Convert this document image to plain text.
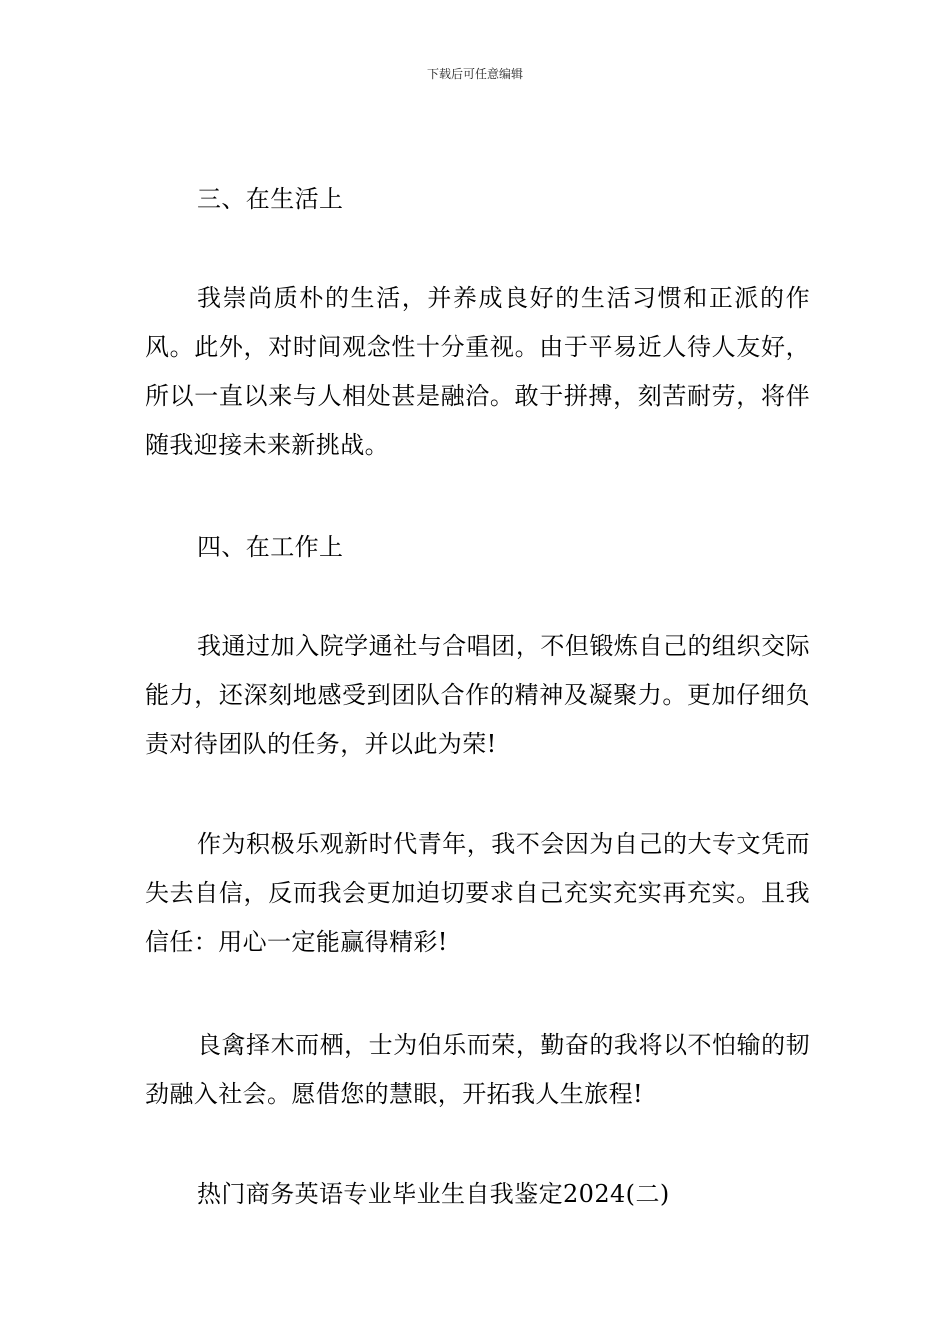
下载后可任意编辑

三、在生活上

我崇尚质朴的生活，并养成良好的生活习惯和正派的作风。此外，对时间观念性十分重视。由于平易近人待人友好，所以一直以来与人相处甚是融洽。敢于拼搏，刻苦耐劳，将伴随我迎接未来新挑战。

四、在工作上

我通过加入院学通社与合唱团，不但锻炼自己的组织交际能力，还深刻地感受到团队合作的精神及凝聚力。更加仔细负责对待团队的任务，并以此为荣!

作为积极乐观新时代青年，我不会因为自己的大专文凭而失去自信，反而我会更加迫切要求自己充实充实再充实。且我信任：用心一定能赢得精彩!

良禽择木而栖，士为伯乐而荣，勤奋的我将以不怕输的韧劲融入社会。愿借您的慧眼，开拓我人生旅程!

热门商务英语专业毕业生自我鉴定2024(二)
